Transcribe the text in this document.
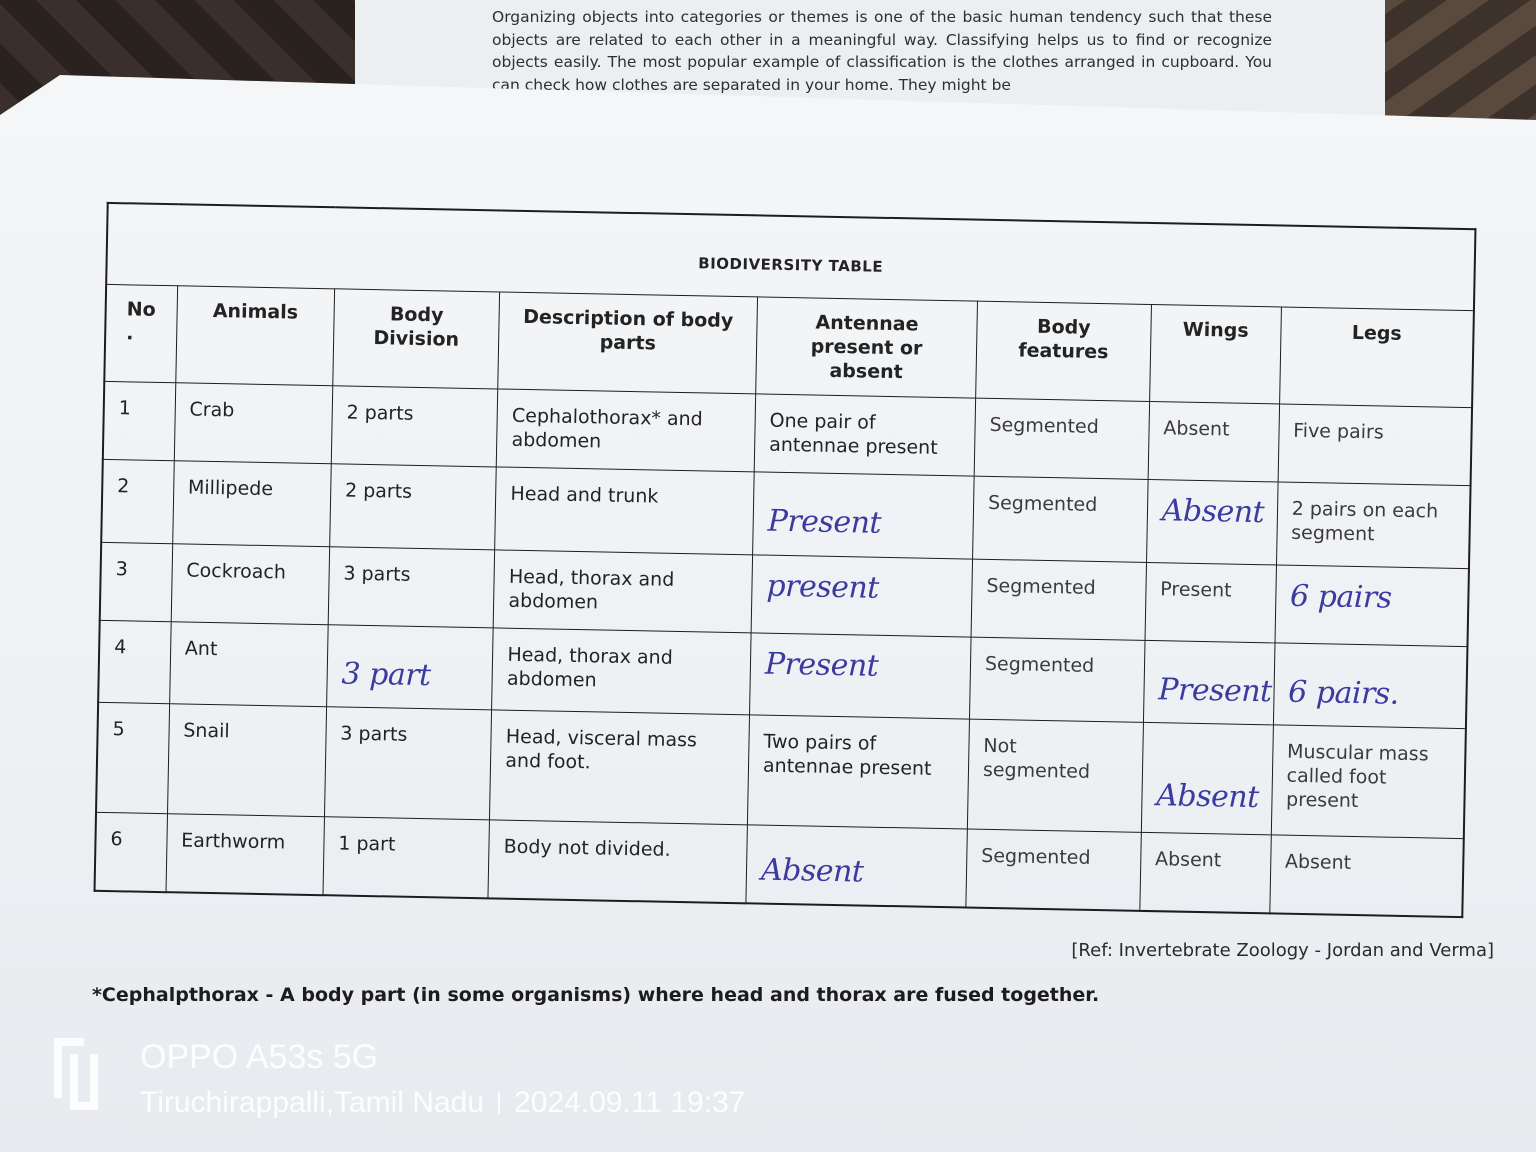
Organizing objects into categories or themes is one of the basic human tendency such that these objects are related to each other in a meaningful way. Classifying helps us to find or recognize objects easily. The most popular example of classification is the clothes arranged in cupboard. You can check how clothes are separated in your home. They might be
BIODIVERSITY TABLE							
No .	Animals	Body Division	Description of body parts	Antennae present or absent	Body features	Wings	Legs
1	Crab	2 parts	Cephalothorax* and abdomen	One pair of antennae present	Segmented	Absent	Five pairs
2	Millipede	2 parts	Head and trunk	Present	Segmented	Absent	2 pairs on each segment
3	Cockroach	3 parts	Head, thorax and abdomen	present	Segmented	Present	6 pairs
4	Ant	3 part	Head, thorax and abdomen	Present	Segmented	Present	6 pairs.
5	Snail	3 parts	Head, visceral mass and foot.	Two pairs of antennae present	Not segmented	Absent	Muscular mass called foot present
6	Earthworm	1 part	Body not divided.	Absent	Segmented	Absent	Absent
[Ref: Invertebrate Zoology - Jordan and Verma]
*Cephalpthorax - A body part (in some organisms) where head and thorax are fused together.
OPPO A53s 5G
Tiruchirappalli,Tamil Nadu 2024.09.11 19:37
